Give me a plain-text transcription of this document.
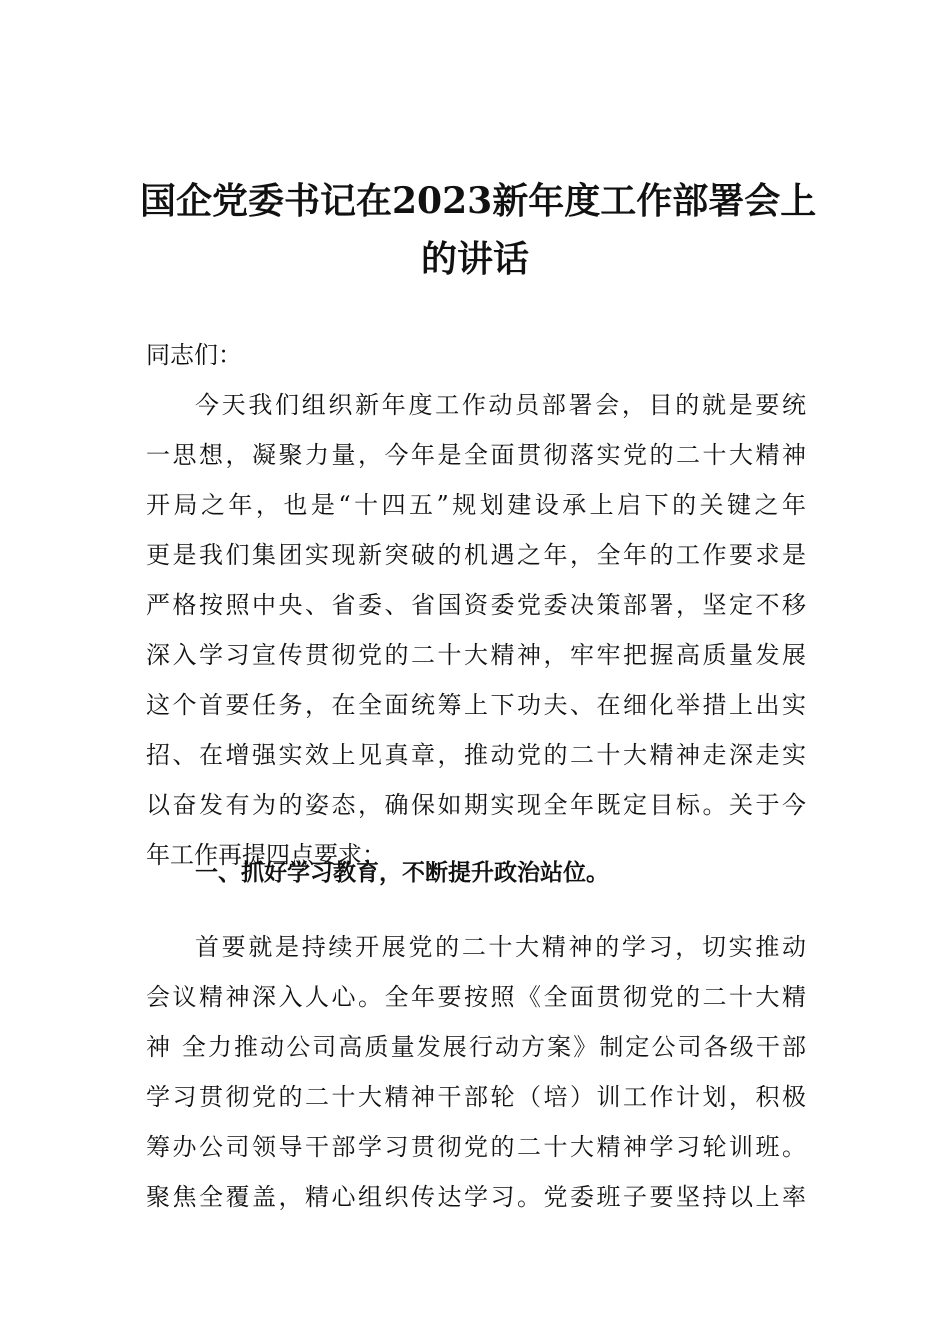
国企党委书记在2023新年度工作部署会上
的讲话
同志们：
今天我们组织新年度工作动员部署会，目的就是要统
一思想，凝聚力量，今年是全面贯彻落实党的二十大精神
开局之年，也是“十四五”规划建设承上启下的关键之年
更是我们集团实现新突破的机遇之年，全年的工作要求是
严格按照中央、省委、省国资委党委决策部署，坚定不移
深入学习宣传贯彻党的二十大精神，牢牢把握高质量发展
这个首要任务，在全面统筹上下功夫、在细化举措上出实
招、在增强实效上见真章，推动党的二十大精神走深走实
以奋发有为的姿态，确保如期实现全年既定目标。关于今
年工作再提四点要求：
一、抓好学习教育，不断提升政治站位。
首要就是持续开展党的二十大精神的学习，切实推动
会议精神深入人心。全年要按照《全面贯彻党的二十大精
神 全力推动公司高质量发展行动方案》制定公司各级干部
学习贯彻党的二十大精神干部轮（培）训工作计划，积极
筹办公司领导干部学习贯彻党的二十大精神学习轮训班。
聚焦全覆盖，精心组织传达学习。党委班子要坚持以上率
